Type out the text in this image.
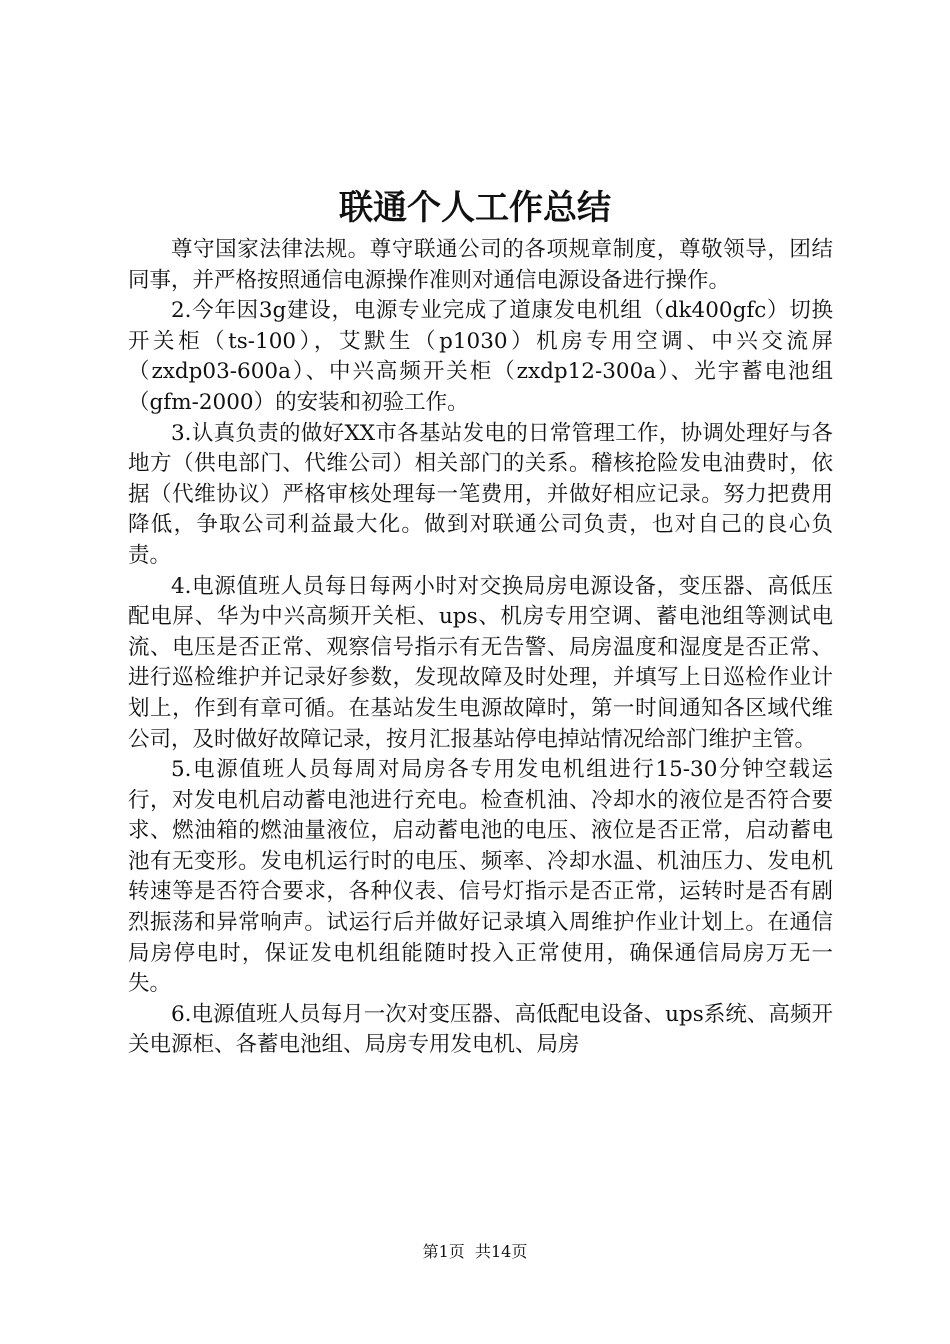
联通个人工作总结

尊守国家法律法规。尊守联通公司的各项规章制度，尊敬领导，团结同事，并严格按照通信电源操作准则对通信电源设备进行操作。

2.今年因3g建设，电源专业完成了道康发电机组（dk400gfc）切换开关柜（ts-100），艾默生（p1030）机房专用空调、中兴交流屏（zxdp03-600a）、中兴高频开关柜（zxdp12-300a）、光宇蓄电池组（gfm-2000）的安装和初验工作。

3.认真负责的做好XX市各基站发电的日常管理工作，协调处理好与各地方（供电部门、代维公司）相关部门的关系。稽核抢险发电油费时，依据（代维协议）严格审核处理每一笔费用，并做好相应记录。努力把费用降低，争取公司利益最大化。做到对联通公司负责，也对自己的良心负责。

4.电源值班人员每日每两小时对交换局房电源设备，变压器、高低压配电屏、华为中兴高频开关柜、ups、机房专用空调、蓄电池组等测试电流、电压是否正常、观察信号指示有无告警、局房温度和湿度是否正常、进行巡检维护并记录好参数，发现故障及时处理，并填写上日巡检作业计划上，作到有章可循。在基站发生电源故障时，第一时间通知各区域代维公司，及时做好故障记录，按月汇报基站停电掉站情况给部门维护主管。

5.电源值班人员每周对局房各专用发电机组进行15-30分钟空载运行，对发电机启动蓄电池进行充电。检查机油、冷却水的液位是否符合要求、燃油箱的燃油量液位，启动蓄电池的电压、液位是否正常，启动蓄电池有无变形。发电机运行时的电压、频率、冷却水温、机油压力、发电机转速等是否符合要求，各种仪表、信号灯指示是否正常，运转时是否有剧烈振荡和异常响声。试运行后并做好记录填入周维护作业计划上。在通信局房停电时，保证发电机组能随时投入正常使用，确保通信局房万无一失。

6.电源值班人员每月一次对变压器、高低配电设备、ups系统、高频开关电源柜、各蓄电池组、局房专用发电机、局房

第1页 共14页
